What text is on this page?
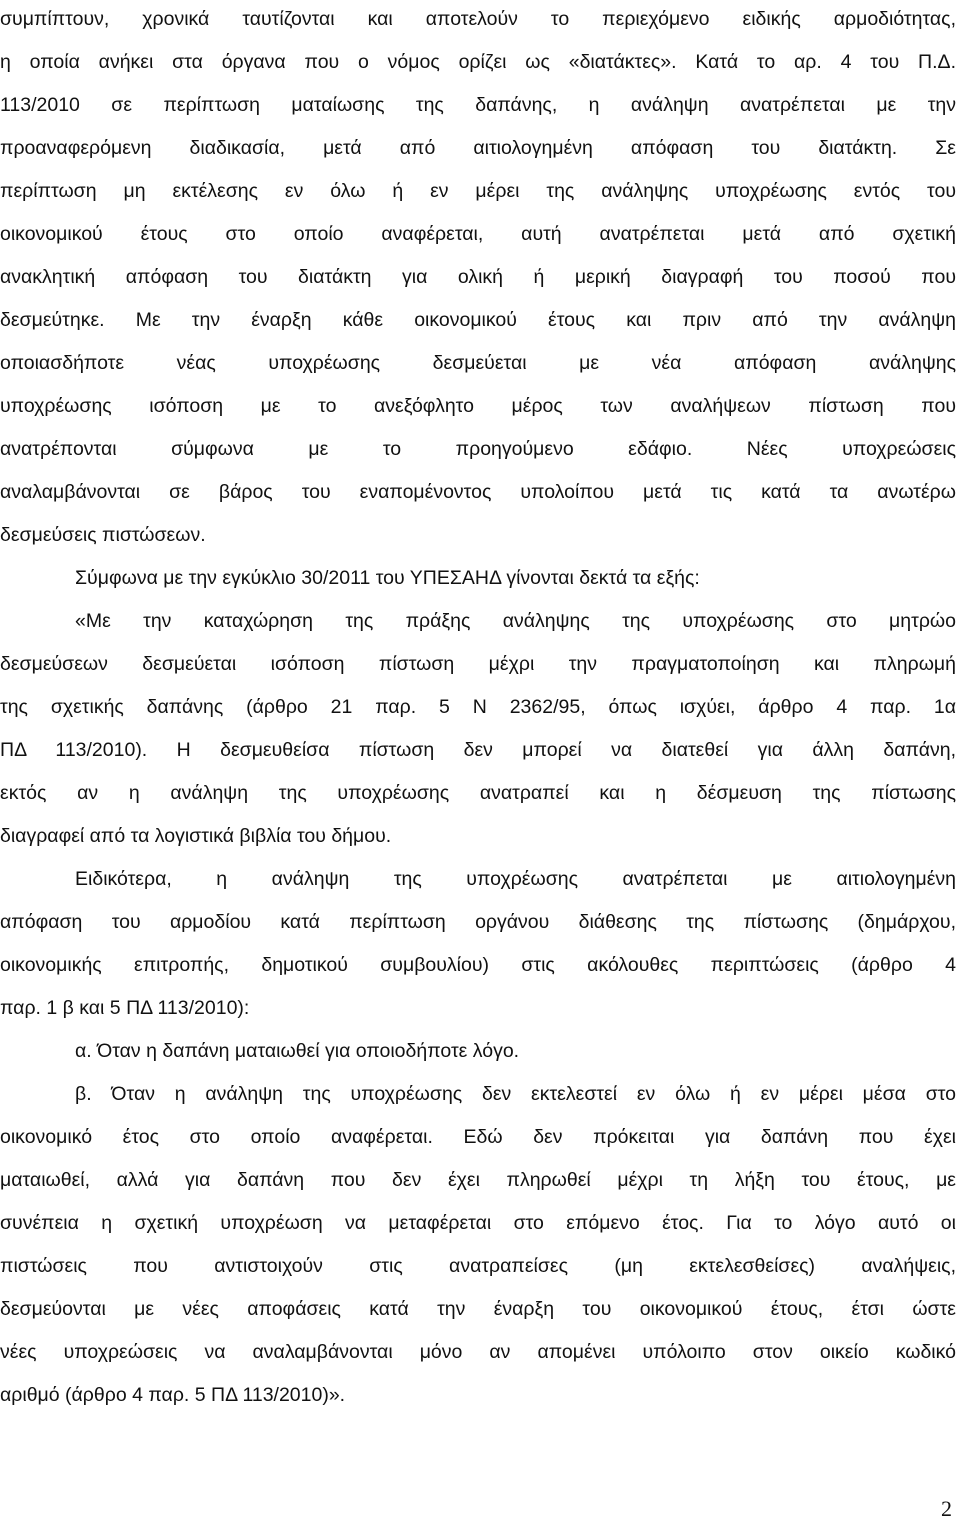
συμπίπτουν, χρονικά ταυτίζονται και αποτελούν το περιεχόμενο ειδικής αρμοδιότητας,
η οποία ανήκει στα όργανα που ο νόμος ορίζει ως «διατάκτες». Κατά το αρ. 4 του Π.Δ.
113/2010 σε περίπτωση ματαίωσης της δαπάνης, η ανάληψη ανατρέπεται με την
προαναφερόμενη διαδικασία, μετά από αιτιολογημένη απόφαση του διατάκτη. Σε
περίπτωση μη εκτέλεσης εν όλω ή εν μέρει της ανάληψης υποχρέωσης εντός του
οικονομικού έτους στο οποίο αναφέρεται, αυτή ανατρέπεται μετά από σχετική
ανακλητική απόφαση του διατάκτη για ολική ή μερική διαγραφή του ποσού που
δεσμεύτηκε. Με την έναρξη κάθε οικονομικού έτους και πριν από την ανάληψη
οποιασδήποτε νέας υποχρέωσης δεσμεύεται με νέα απόφαση ανάληψης
υποχρέωσης ισόποση με το ανεξόφλητο μέρος των αναλήψεων πίστωση που
ανατρέπονται σύμφωνα με το προηγούμενο εδάφιο. Νέες υποχρεώσεις
αναλαμβάνονται σε βάρος του εναπομένοντος υπολοίπου μετά τις κατά τα ανωτέρω
δεσμεύσεις πιστώσεων.
Σύμφωνα με την εγκύκλιο 30/2011 του ΥΠΕΣΑΗΔ γίνονται δεκτά τα εξής:
«Με την καταχώρηση της πράξης ανάληψης της υποχρέωσης στο μητρώο
δεσμεύσεων δεσμεύεται ισόποση πίστωση μέχρι την πραγματοποίηση και πληρωμή
της σχετικής δαπάνης (άρθρο 21 παρ. 5 Ν 2362/95, όπως ισχύει, άρθρο 4 παρ. 1α
ΠΔ 113/2010). Η δεσμευθείσα πίστωση δεν μπορεί να διατεθεί για άλλη δαπάνη,
εκτός αν η ανάληψη της υποχρέωσης ανατραπεί και η δέσμευση της πίστωσης
διαγραφεί από τα λογιστικά βιβλία του δήμου.
Ειδικότερα, η ανάληψη της υποχρέωσης ανατρέπεται με αιτιολογημένη
απόφαση του αρμοδίου κατά περίπτωση οργάνου διάθεσης της πίστωσης (δημάρχου,
οικονομικής επιτροπής, δημοτικού συμβουλίου) στις ακόλουθες περιπτώσεις (άρθρο 4
παρ. 1 β και 5 ΠΔ 113/2010):
α. Όταν η δαπάνη ματαιωθεί για οποιοδήποτε λόγο.
β. Όταν η ανάληψη της υποχρέωσης δεν εκτελεστεί εν όλω ή εν μέρει μέσα στο
οικονομικό έτος στο οποίο αναφέρεται. Εδώ δεν πρόκειται για δαπάνη που έχει
ματαιωθεί, αλλά για δαπάνη που δεν έχει πληρωθεί μέχρι τη λήξη του έτους, με
συνέπεια η σχετική υποχρέωση να μεταφέρεται στο επόμενο έτος. Για το λόγο αυτό οι
πιστώσεις που αντιστοιχούν στις ανατραπείσες (μη εκτελεσθείσες) αναλήψεις,
δεσμεύονται με νέες αποφάσεις κατά την έναρξη του οικονομικού έτους, έτσι ώστε
νέες υποχρεώσεις να αναλαμβάνονται μόνο αν απομένει υπόλοιπο στον οικείο κωδικό
αριθμό (άρθρο 4 παρ. 5 ΠΔ 113/2010)».
2
